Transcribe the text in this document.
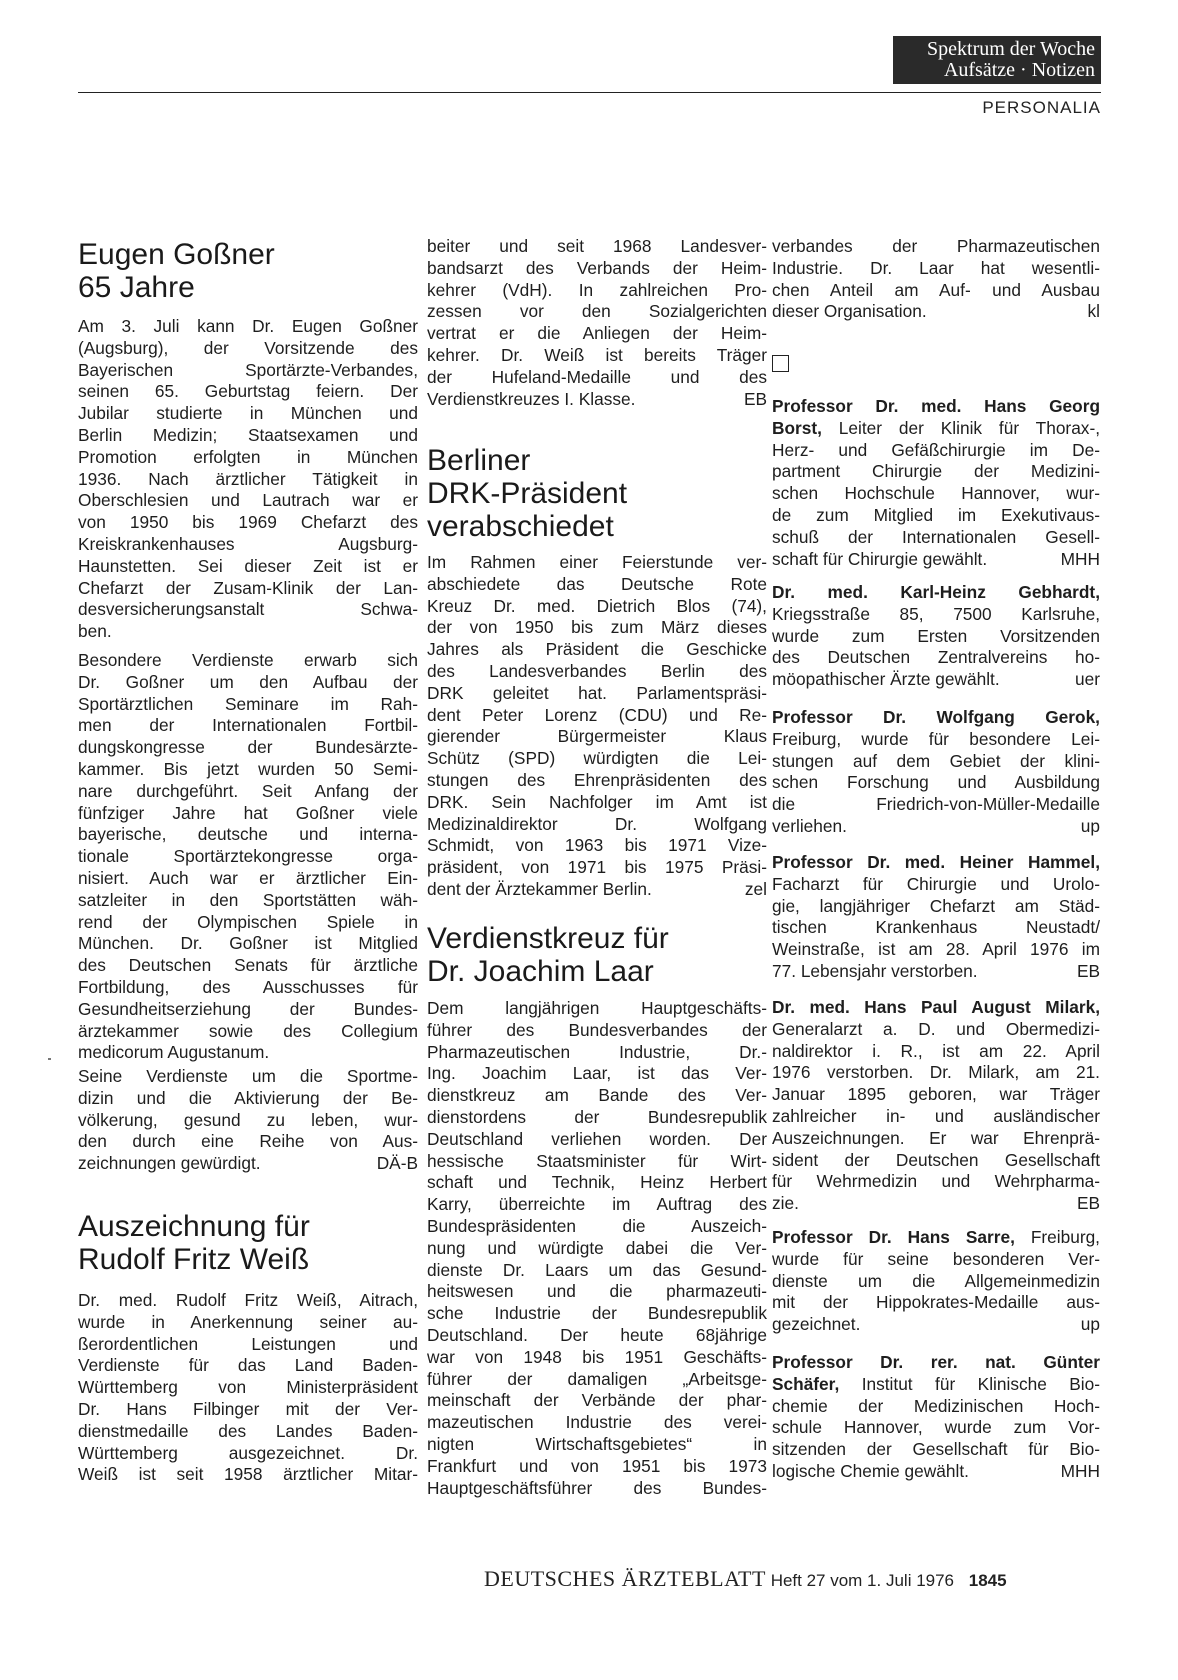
Spektrum der Woche
Aufsätze · Notizen
PERSONALIA
Eugen Goßner
65 Jahre
Am 3. Juli kann Dr. Eugen Goßner
(Augsburg), der Vorsitzende des
Bayerischen Sportärzte-Verbandes,
seinen 65. Geburtstag feiern. Der
Jubilar studierte in München und
Berlin Medizin; Staatsexamen und
Promotion erfolgten in München
1936. Nach ärztlicher Tätigkeit in
Oberschlesien und Lautrach war er
von 1950 bis 1969 Chefarzt des
Kreiskrankenhauses Augsburg-
Haunstetten. Sei dieser Zeit ist er
Chefarzt der Zusam-Klinik der Lan-
desversicherungsanstalt Schwa-
ben.
Besondere Verdienste erwarb sich
Dr. Goßner um den Aufbau der
Sportärztlichen Seminare im Rah-
men der Internationalen Fortbil-
dungskongresse der Bundesärzte-
kammer. Bis jetzt wurden 50 Semi-
nare durchgeführt. Seit Anfang der
fünfziger Jahre hat Goßner viele
bayerische, deutsche und interna-
tionale Sportärztekongresse orga-
nisiert. Auch war er ärztlicher Ein-
satzleiter in den Sportstätten wäh-
rend der Olympischen Spiele in
München. Dr. Goßner ist Mitglied
des Deutschen Senats für ärztliche
Fortbildung, des Ausschusses für
Gesundheitserziehung der Bundes-
ärztekammer sowie des Collegium
medicorum Augustanum.
Seine Verdienste um die Sportme-
dizin und die Aktivierung der Be-
völkerung, gesund zu leben, wur-
den durch eine Reihe von Aus-
zeichnungen gewürdigt.	DÄ-B
Auszeichnung für
Rudolf Fritz Weiß
Dr. med. Rudolf Fritz Weiß, Aitrach,
wurde in Anerkennung seiner au-
ßerordentlichen Leistungen und
Verdienste für das Land Baden-
Württemberg von Ministerpräsident
Dr. Hans Filbinger mit der Ver-
dienstmedaille des Landes Baden-
Württemberg ausgezeichnet. Dr.
Weiß ist seit 1958 ärztlicher Mitar-
beiter und seit 1968 Landesver-
bandsarzt des Verbands der Heim-
kehrer (VdH). In zahlreichen Pro-
zessen vor den Sozialgerichten
vertrat er die Anliegen der Heim-
kehrer. Dr. Weiß ist bereits Träger
der Hufeland-Medaille und des
Verdienstkreuzes I. Klasse.	EB
Berliner
DRK-Präsident
verabschiedet
Im Rahmen einer Feierstunde ver-
abschiedete das Deutsche Rote
Kreuz Dr. med. Dietrich Blos (74),
der von 1950 bis zum März dieses
Jahres als Präsident die Geschicke
des Landesverbandes Berlin des
DRK geleitet hat. Parlamentspräsi-
dent Peter Lorenz (CDU) und Re-
gierender Bürgermeister Klaus
Schütz (SPD) würdigten die Lei-
stungen des Ehrenpräsidenten des
DRK. Sein Nachfolger im Amt ist
Medizinaldirektor Dr. Wolfgang
Schmidt, von 1963 bis 1971 Vize-
präsident, von 1971 bis 1975 Präsi-
dent der Ärztekammer Berlin.	zel
Verdienstkreuz für
Dr. Joachim Laar
Dem langjährigen Hauptgeschäfts-
führer des Bundesverbandes der
Pharmazeutischen Industrie, Dr.-
Ing. Joachim Laar, ist das Ver-
dienstkreuz am Bande des Ver-
dienstordens der Bundesrepublik
Deutschland verliehen worden. Der
hessische Staatsminister für Wirt-
schaft und Technik, Heinz Herbert
Karry, überreichte im Auftrag des
Bundespräsidenten die Auszeich-
nung und würdigte dabei die Ver-
dienste Dr. Laars um das Gesund-
heitswesen und die pharmazeuti-
sche Industrie der Bundesrepublik
Deutschland. Der heute 68jährige
war von 1948 bis 1951 Geschäfts-
führer der damaligen „Arbeitsge-
meinschaft der Verbände der phar-
mazeutischen Industrie des verei-
nigten Wirtschaftsgebietes“ in
Frankfurt und von 1951 bis 1973
Hauptgeschäftsführer des Bundes-
verbandes der Pharmazeutischen
Industrie. Dr. Laar hat wesentli-
chen Anteil am Auf- und Ausbau
dieser Organisation.	kl
Professor Dr. med. Hans Georg
Borst, Leiter der Klinik für Thorax-,
Herz- und Gefäßchirurgie im De-
partment Chirurgie der Medizini-
schen Hochschule Hannover, wur-
de zum Mitglied im Exekutivaus-
schuß der Internationalen Gesell-
schaft für Chirurgie gewählt.	MHH
Dr. med. Karl-Heinz Gebhardt,
Kriegsstraße 85, 7500 Karlsruhe,
wurde zum Ersten Vorsitzenden
des Deutschen Zentralvereins ho-
möopathischer Ärzte gewählt.	uer
Professor Dr. Wolfgang Gerok,
Freiburg, wurde für besondere Lei-
stungen auf dem Gebiet der klini-
schen Forschung und Ausbildung
die Friedrich-von-Müller-Medaille
verliehen.	up
Professor Dr. med. Heiner Hammel,
Facharzt für Chirurgie und Urolo-
gie, langjähriger Chefarzt am Städ-
tischen Krankenhaus Neustadt/
Weinstraße, ist am 28. April 1976 im
77. Lebensjahr verstorben.	EB
Dr. med. Hans Paul August Milark,
Generalarzt a. D. und Obermedizi-
naldirektor i. R., ist am 22. April
1976 verstorben. Dr. Milark, am 21.
Januar 1895 geboren, war Träger
zahlreicher in- und ausländischer
Auszeichnungen. Er war Ehrenprä-
sident der Deutschen Gesellschaft
für Wehrmedizin und Wehrpharma-
zie.	EB
Professor Dr. Hans Sarre, Freiburg,
wurde für seine besonderen Ver-
dienste um die Allgemeinmedizin
mit der Hippokrates-Medaille aus-
gezeichnet.	up
Professor Dr. rer. nat. Günter
Schäfer, Institut für Klinische Bio-
chemie der Medizinischen Hoch-
schule Hannover, wurde zum Vor-
sitzenden der Gesellschaft für Bio-
logische Chemie gewählt.	MHH
DEUTSCHES ÄRZTEBLATT Heft 27 vom 1. Juli 1976 1845
